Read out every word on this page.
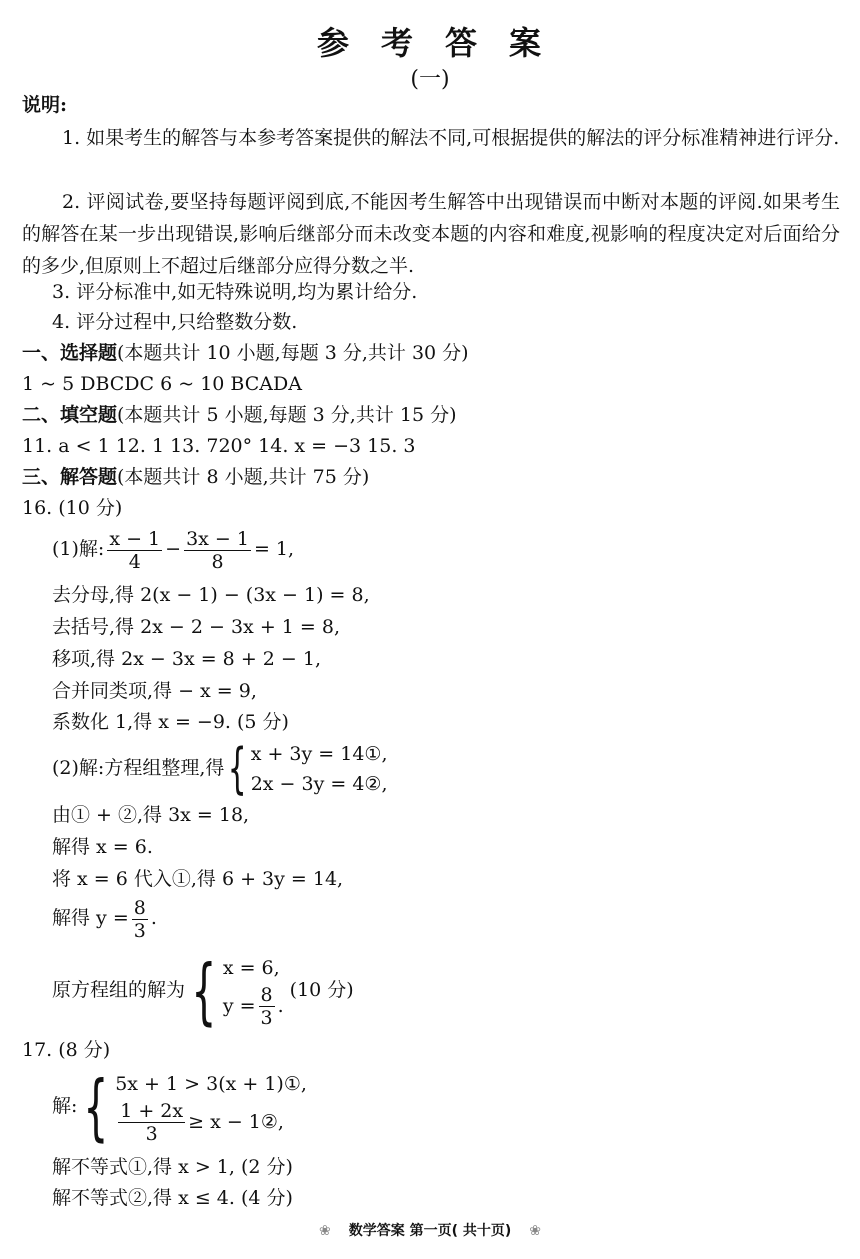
参考答案
(一)
说明:
1. 如果考生的解答与本参考答案提供的解法不同,可根据提供的解法的评分标准精神进行评分.
2. 评阅试卷,要坚持每题评阅到底,不能因考生解答中出现错误而中断对本题的评阅.如果考生的解答在某一步出现错误,影响后继部分而未改变本题的内容和难度,视影响的程度决定对后面给分的多少,但原则上不超过后继部分应得分数之半.
3. 评分标准中,如无特殊说明,均为累计给分.
4. 评分过程中,只给整数分数.
一、选择题(本题共计 10 小题,每题 3 分,共计 30 分)
1 ~ 5 DBCDC 6 ~ 10 BCADA
二、填空题(本题共计 5 小题,每题 3 分,共计 15 分)
11. a < 1 12. 1 13. 720° 14. x = −3 15. 3
三、解答题(本题共计 8 小题,共计 75 分)
16. (10 分)
(1)解: $\frac{x - 1}{4} - \frac{3x - 1}{8} = 1$,
去分母,得 2(x − 1) − (3x − 1) = 8,
去括号,得 2x − 2 − 3x + 1 = 8,
移项,得 2x − 3x = 8 + 2 − 1,
合并同类项,得 − x = 9,
系数化 1,得 x = −9. (5 分)
(2)解:方程组整理,得{ x + 3y = 14①,
2x − 3y = 4②,
由① + ②,得 3x = 18,
解得 x = 6.
将 x = 6 代入①,得 6 + 3y = 14,
解得 $y = \frac{8}{3}$ .
原方程组的解为{ x = 6,
$y = \frac{8}{3}$ .
(10 分)
17. (8 分)
解:{ 5x + 1 > 3(x + 1)①,
$\frac{1 + 2x}{3} \ge x$ − 1②,
解不等式①,得 x > 1, (2 分)
解不等式②,得 x ≤ 4. (4 分)
❀ 数学答案 第一页( 共十页) ❀
